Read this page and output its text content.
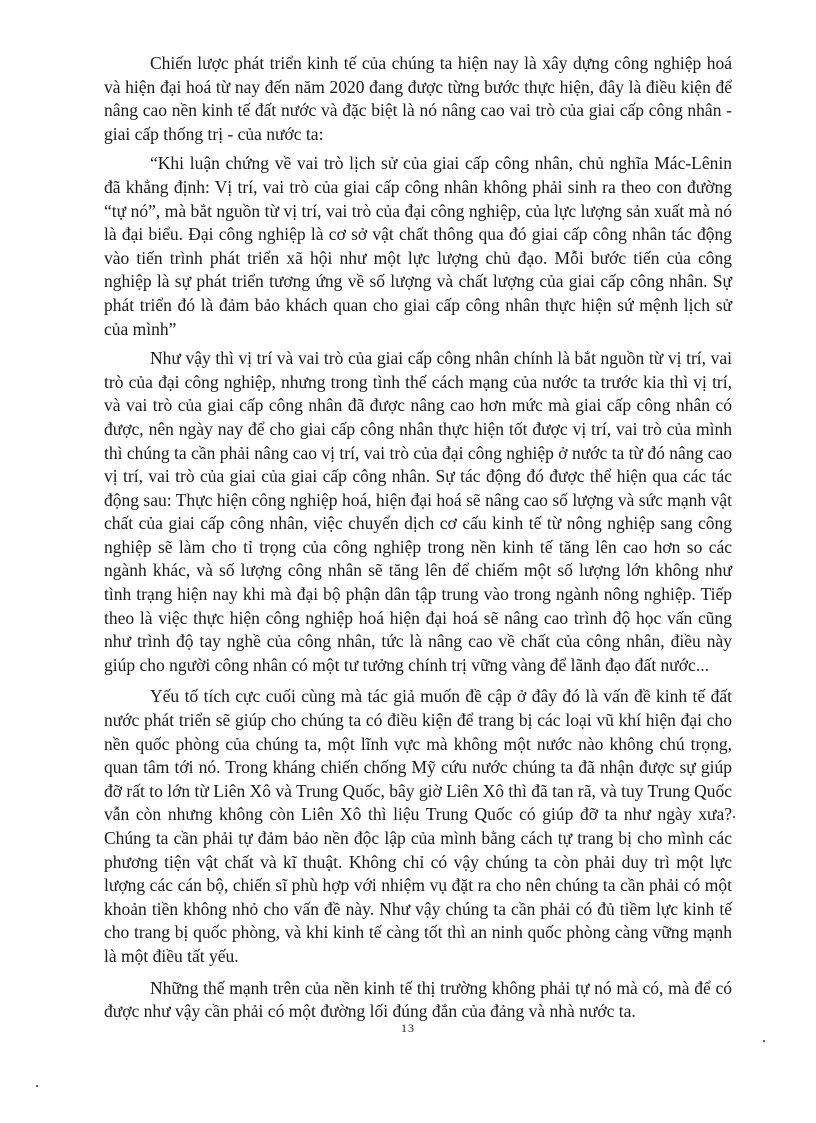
Chiến lược phát triển kinh tế của chúng ta hiện nay là xây dựng công nghiệp hoá và hiện đại hoá từ nay đến năm 2020 đang được từng bước thực hiện, đây là điều kiện để nâng cao nền kinh tế đất nước và đặc biệt là nó nâng cao vai trò của giai cấp công nhân - giai cấp thống trị - của nước ta:

“Khi luận chứng về vai trò lịch sử của giai cấp công nhân, chủ nghĩa Mác-Lênin đã khẳng định: Vị trí, vai trò của giai cấp công nhân không phải sinh ra theo con đường “tự nó”, mà bắt nguồn từ vị trí, vai trò của đại công nghiệp, của lực lượng sản xuất mà nó là đại biểu. Đại công nghiệp là cơ sở vật chất thông qua đó giai cấp công nhân tác động vào tiến trình phát triển xã hội như một lực lượng chủ đạo. Mỗi bước tiến của công nghiệp là sự phát triển tương ứng về số lượng và chất lượng của giai cấp công nhân. Sự phát triển đó là đảm bảo khách quan cho giai cấp công nhân thực hiện sứ mệnh lịch sử của mình”

Như vậy thì vị trí và vai trò của giai cấp công nhân chính là bắt nguồn từ vị trí, vai trò của đại công nghiệp, nhưng trong tình thế cách mạng của nước ta trước kia thì vị trí, và vai trò của giai cấp công nhân đã được nâng cao hơn mức mà giai cấp công nhân có được, nên ngày nay để cho giai cấp công nhân thực hiện tốt được vị trí, vai trò của mình thì chúng ta cần phải nâng cao vị trí, vai trò của đại công nghiệp ở nước ta từ đó nâng cao vị trí, vai trò của giai của giai cấp công nhân. Sự tác động đó được thể hiện qua các tác động sau: Thực hiện công nghiệp hoá, hiện đại hoá sẽ nâng cao số lượng và sức mạnh vật chất của giai cấp công nhân, việc chuyển dịch cơ cấu kinh tế từ nông nghiệp sang công nghiệp sẽ làm cho tỉ trọng của công nghiệp trong nền kinh tế tăng lên cao hơn so các ngành khác, và số lượng công nhân sẽ tăng lên để chiếm một số lượng lớn không như tình trạng hiện nay khi mà đại bộ phận dân tập trung vào trong ngành nông nghiệp. Tiếp theo là việc thực hiện công nghiệp hoá hiện đại hoá sẽ nâng cao trình độ học vấn cũng như trình độ tay nghề của công nhân, tức là nâng cao về chất của công nhân, điều này giúp cho người công nhân có một tư tưởng chính trị vững vàng để lãnh đạo đất nước...

Yếu tố tích cực cuối cùng mà tác giả muốn đề cập ở đây đó là vấn đề kinh tế đất nước phát triển sẽ giúp cho chúng ta có điều kiện để trang bị các loại vũ khí hiện đại cho nền quốc phòng của chúng ta, một lĩnh vực mà không một nước nào không chú trọng, quan tâm tới nó. Trong kháng chiến chống Mỹ cứu nước chúng ta đã nhận được sự giúp đỡ rất to lớn từ Liên Xô và Trung Quốc, bây giờ Liên Xô thì đã tan rã, và tuy Trung Quốc vẫn còn nhưng không còn Liên Xô thì liệu Trung Quốc có giúp đỡ ta như ngày xưa? Chúng ta cần phải tự đảm bảo nền độc lập của mình bằng cách tự trang bị cho mình các phương tiện vật chất và kĩ thuật. Không chỉ có vậy chúng ta còn phải duy trì một lực lượng các cán bộ, chiến sĩ phù hợp với nhiệm vụ đặt ra cho nên chúng ta cần phải có một khoản tiền không nhỏ cho vấn đề này. Như vậy chúng ta cần phải có đủ tiềm lực kinh tế cho trang bị quốc phòng, và khi kinh tế càng tốt thì an ninh quốc phòng càng vững mạnh là một điều tất yếu.

Những thế mạnh trên của nền kinh tế thị trường không phải tự nó mà có, mà để có được như vậy cần phải có một đường lối đúng đắn của đảng và nhà nước ta.

13
